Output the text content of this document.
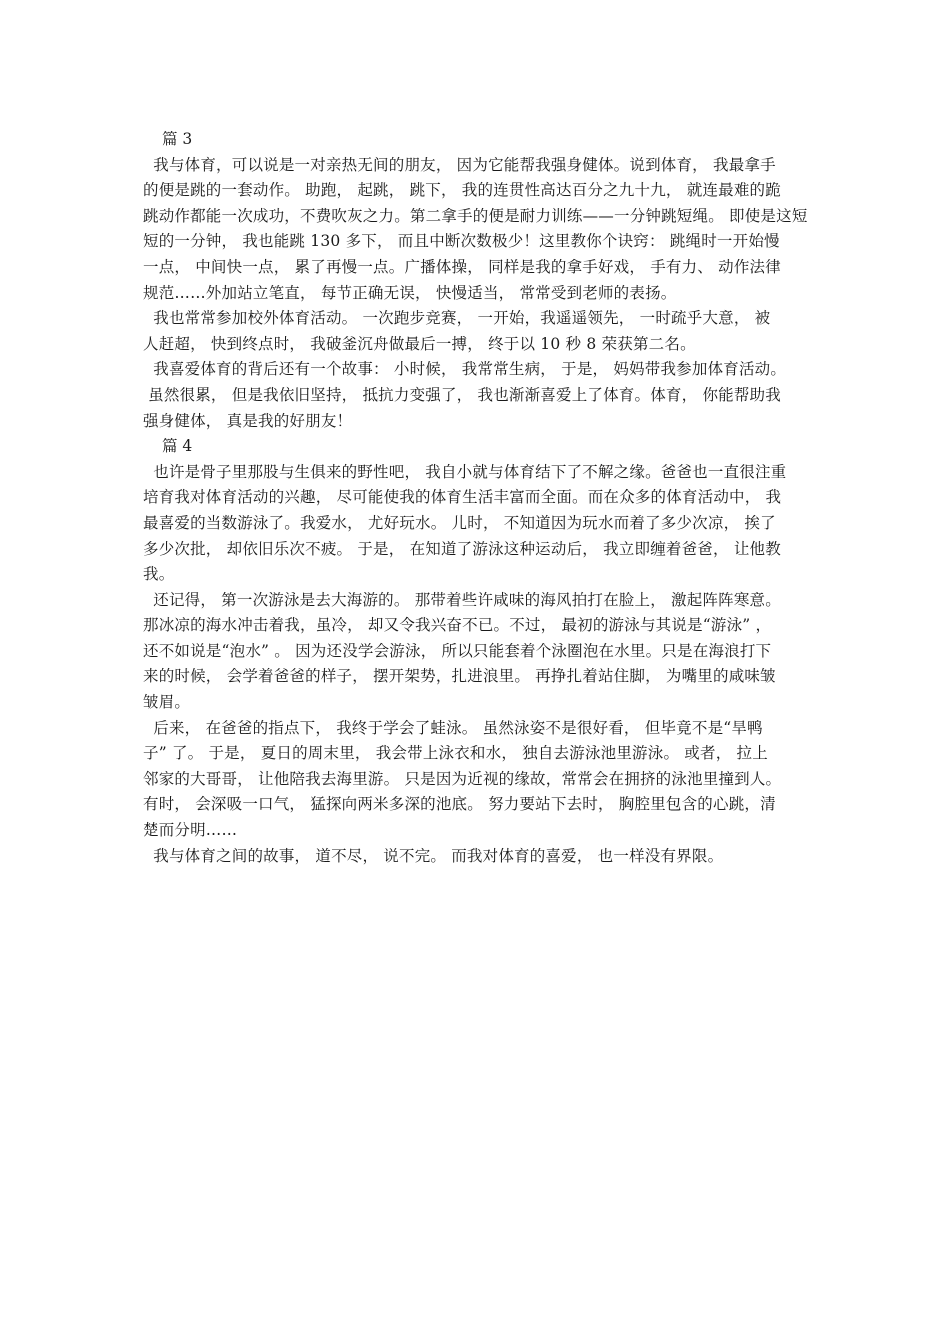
篇 3
我与体育，可以说是一对亲热无间的朋友， 因为它能帮我强身健体。说到体育， 我最拿手
的便是跳的一套动作。 助跑， 起跳， 跳下， 我的连贯性高达百分之九十九， 就连最难的跪
跳动作都能一次成功，不费吹灰之力。第二拿手的便是耐力训练——一分钟跳短绳。 即使是这短
短的一分钟， 我也能跳 130 多下， 而且中断次数极少！这里教你个诀窍： 跳绳时一开始慢
一点， 中间快一点， 累了再慢一点。广播体操， 同样是我的拿手好戏， 手有力、 动作法律
规范……外加站立笔直， 每节正确无误， 快慢适当， 常常受到老师的表扬。
我也常常参加校外体育活动。 一次跑步竞赛， 一开始，我遥遥领先， 一时疏乎大意， 被
人赶超， 快到终点时， 我破釜沉舟做最后一搏， 终于以 10 秒 8 荣获第二名。
我喜爱体育的背后还有一个故事： 小时候， 我常常生病， 于是， 妈妈带我参加体育活动。
虽然很累， 但是我依旧坚持， 抵抗力变强了， 我也渐渐喜爱上了体育。体育， 你能帮助我
强身健体， 真是我的好朋友！
篇 4
也许是骨子里那股与生俱来的野性吧， 我自小就与体育结下了不解之缘。爸爸也一直很注重
培育我对体育活动的兴趣， 尽可能使我的体育生活丰富而全面。而在众多的体育活动中， 我
最喜爱的当数游泳了。我爱水， 尤好玩水。 儿时， 不知道因为玩水而着了多少次凉， 挨了
多少次批， 却依旧乐次不疲。 于是， 在知道了游泳这种运动后， 我立即缠着爸爸， 让他教
我。
还记得， 第一次游泳是去大海游的。 那带着些许咸味的海风拍打在脸上， 激起阵阵寒意。
那冰凉的海水冲击着我，虽冷， 却又令我兴奋不已。不过， 最初的游泳与其说是“游泳” ，
还不如说是“泡水” 。 因为还没学会游泳， 所以只能套着个泳圈泡在水里。只是在海浪打下
来的时候， 会学着爸爸的样子， 摆开架势，扎进浪里。 再挣扎着站住脚， 为嘴里的咸味皱
皱眉。
后来， 在爸爸的指点下， 我终于学会了蛙泳。 虽然泳姿不是很好看， 但毕竟不是“旱鸭
子” 了。 于是， 夏日的周末里， 我会带上泳衣和水， 独自去游泳池里游泳。 或者， 拉上
邻家的大哥哥， 让他陪我去海里游。 只是因为近视的缘故，常常会在拥挤的泳池里撞到人。
有时， 会深吸一口气， 猛探向两米多深的池底。 努力要站下去时， 胸腔里包含的心跳，清
楚而分明……
我与体育之间的故事， 道不尽， 说不完。 而我对体育的喜爱， 也一样没有界限。
